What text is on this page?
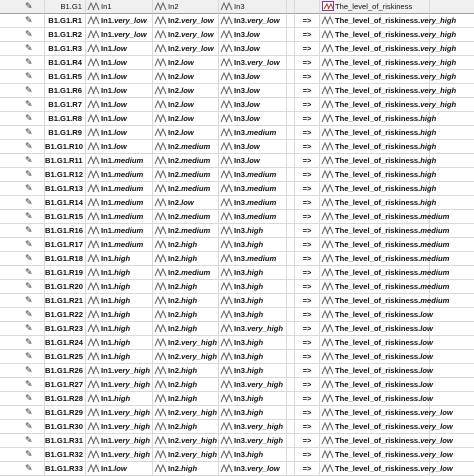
✎	B1.G1	In1	In2	In3	The_level_of_riskiness
✎	B1.G1.R1	In1.very_low	In2.very_low	In3.very_low	=>	The_level_of_riskiness.very_high
✎	B1.G1.R2	In1.very_low	In2.very_low	In3.low	=>	The_level_of_riskiness.very_high
✎	B1.G1.R3	In1.low	In2.very_low	In3.low	=>	The_level_of_riskiness.very_high
✎	B1.G1.R4	In1.low	In2.low	In3.very_low	=>	The_level_of_riskiness.very_high
✎	B1.G1.R5	In1.low	In2.low	In3.low	=>	The_level_of_riskiness.very_high
✎	B1.G1.R6	In1.low	In2.low	In3.low	=>	The_level_of_riskiness.very_high
✎	B1.G1.R7	In1.low	In2.low	In3.low	=>	The_level_of_riskiness.very_high
✎	B1.G1.R8	In1.low	In2.low	In3.low	=>	The_level_of_riskiness.high
✎	B1.G1.R9	In1.low	In2.low	In3.medium	=>	The_level_of_riskiness.high
✎ B1.G1.R10	In1.low	In2.medium	In3.low	=>	The_level_of_riskiness.high
✎ B1.G1.R11	In1.medium	In2.medium	In3.low	=>	The_level_of_riskiness.high
✎ B1.G1.R12	In1.medium	In2.medium	In3.medium	=>	The_level_of_riskiness.high
✎ B1.G1.R13	In1.medium	In2.medium	In3.medium	=>	The_level_of_riskiness.high
✎ B1.G1.R14	In1.medium	In2.low	In3.medium	=>	The_level_of_riskiness.high
✎ B1.G1.R15	In1.medium	In2.medium	In3.medium	=>	The_level_of_riskiness.medium
✎ B1.G1.R16	In1.medium	In2.medium	In3.high	=>	The_level_of_riskiness.medium
✎ B1.G1.R17	In1.medium	In2.high	In3.high	=>	The_level_of_riskiness.medium
✎ B1.G1.R18	In1.high	In2.high	In3.medium	=>	The_level_of_riskiness.medium
✎ B1.G1.R19	In1.high	In2.medium	In3.high	=>	The_level_of_riskiness.medium
✎ B1.G1.R20	In1.high	In2.high	In3.high	=>	The_level_of_riskiness.medium
✎ B1.G1.R21	In1.high	In2.high	In3.high	=>	The_level_of_riskiness.medium
✎ B1.G1.R22	In1.high	In2.high	In3.high	=>	The_level_of_riskiness.low
✎ B1.G1.R23	In1.high	In2.high	In3.very_high	=>	The_level_of_riskiness.low
✎ B1.G1.R24	In1.high	In2.very_high	In3.high	=>	The_level_of_riskiness.low
✎ B1.G1.R25	In1.high	In2.very_high	In3.high	=>	The_level_of_riskiness.low
✎ B1.G1.R26	In1.very_high	In2.high	In3.high	=>	The_level_of_riskiness.low
✎ B1.G1.R27	In1.very_high	In2.high	In3.very_high	=>	The_level_of_riskiness.low
✎ B1.G1.R28	In1.high	In2.high	In3.high	=>	The_level_of_riskiness.low
✎ B1.G1.R29	In1.very_high	In2.very_high	In3.high	=>	The_level_of_riskiness.very_low
✎ B1.G1.R30	In1.very_high	In2.high	In3.very_high	=>	The_level_of_riskiness.very_low
✎ B1.G1.R31	In1.very_high	In2.very_high	In3.very_high	=>	The_level_of_riskiness.very_low
✎ B1.G1.R32	In1.very_high	In2.very_high	In3.high	=>	The_level_of_riskiness.very_low
✎ B1.G1.R33	In1.low	In2.high	In3.very_low	=>	The_level_of_riskiness.very_low
